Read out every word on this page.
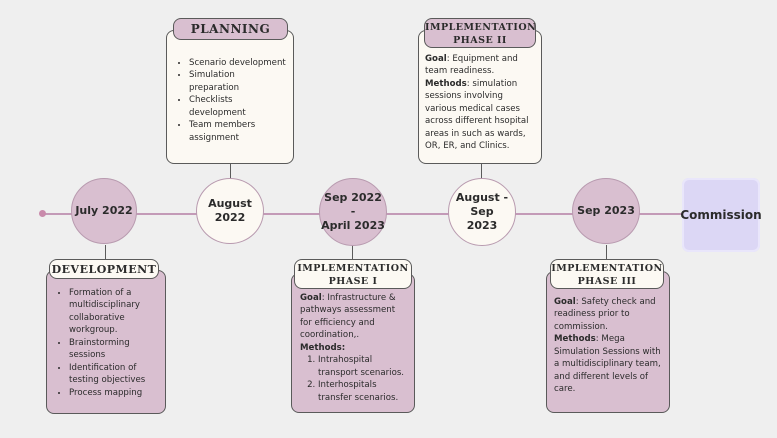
July 2022
August 2022
Sep 2022 -
April 2023
August - Sep
2023
Sep 2023	Commission
• Scenario development
• Simulation preparation
• Checklists development
• Team members assignment
PLANNING
• Formation of a multidisciplinary collaborative workgroup.
• Brainstorming sessions
• Identification of testing objectives
• Process mapping
DEVELOPMENT

Goal: Infrastructure & pathways assessment for efficiency and coordination,.

Methods:

1. Intrahospital transport scenarios.
2. Interhospitals transfer scenarios.
IMPLEMENTATION
PHASE I

Goal: Equipment and team readiness.

Methods: simulation sessions involving various medical cases across different hsopital areas in such as wards, OR, ER, and Clinics.

IMPLEMENTATION
PHASE II

Goal: Safety check and readiness prior to commission.

Methods: Mega Simulation Sessions with a multidisciplinary team, and different levels of care.

IMPLEMENTATION
PHASE III
